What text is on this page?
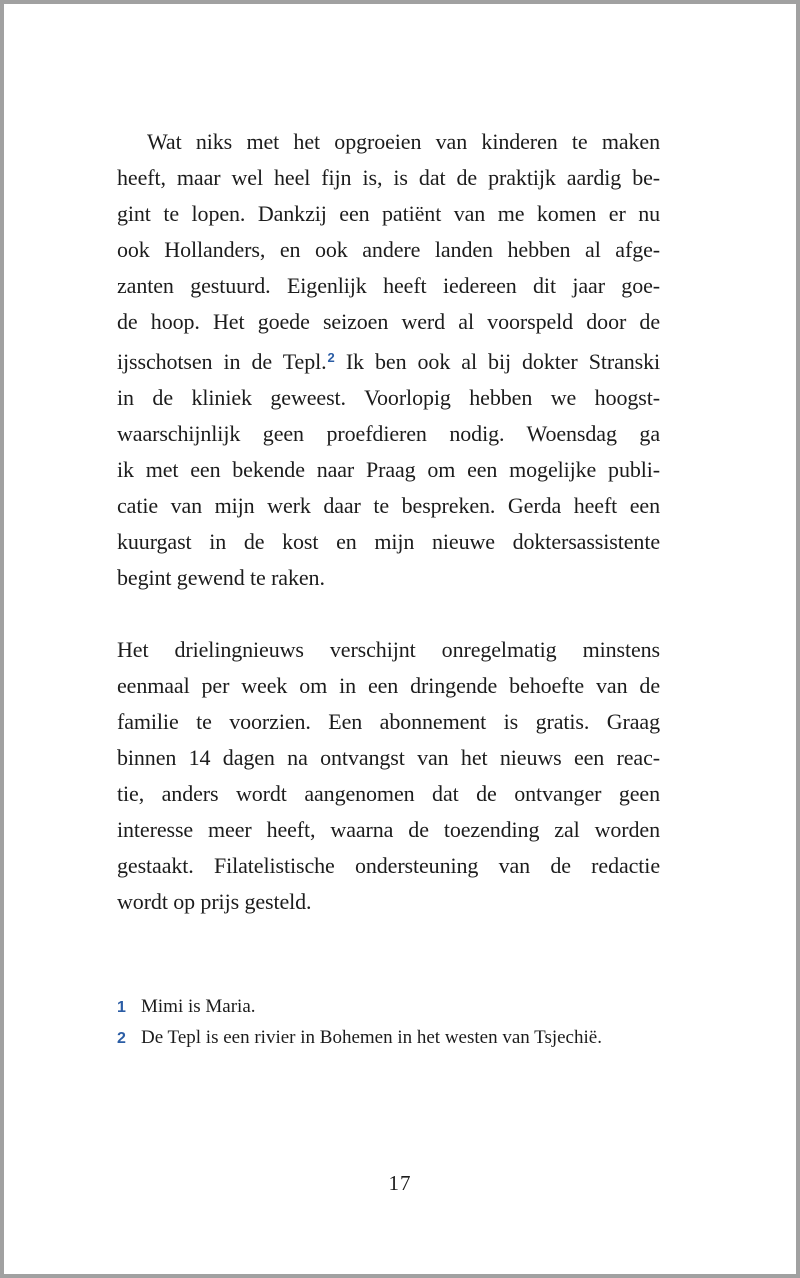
Wat niks met het opgroeien van kinderen te maken
heeft, maar wel heel fijn is, is dat de praktijk aardig be-
gint te lopen. Dankzij een patiënt van me komen er nu
ook Hollanders, en ook andere landen hebben al afge-
zanten gestuurd. Eigenlijk heeft iedereen dit jaar goe-
de hoop. Het goede seizoen werd al voorspeld door de
ijsschotsen in de Tepl.$^2$ Ik ben ook al bij dokter Stranski
in de kliniek geweest. Voorlopig hebben we hoogst-
waarschijnlijk geen proefdieren nodig. Woensdag ga
ik met een bekende naar Praag om een mogelijke publi-
catie van mijn werk daar te bespreken. Gerda heeft een
kuurgast in de kost en mijn nieuwe doktersassistente
begint gewend te raken.
Het drielingnieuws verschijnt onregelmatig minstens
eenmaal per week om in een dringende behoefte van de
familie te voorzien. Een abonnement is gratis. Graag
binnen 14 dagen na ontvangst van het nieuws een reac-
tie, anders wordt aangenomen dat de ontvanger geen
interesse meer heeft, waarna de toezending zal worden
gestaakt. Filatelistische ondersteuning van de redactie
wordt op prijs gesteld.
1 Mimi is Maria.
2 De Tepl is een rivier in Bohemen in het westen van Tsjechië.
17
